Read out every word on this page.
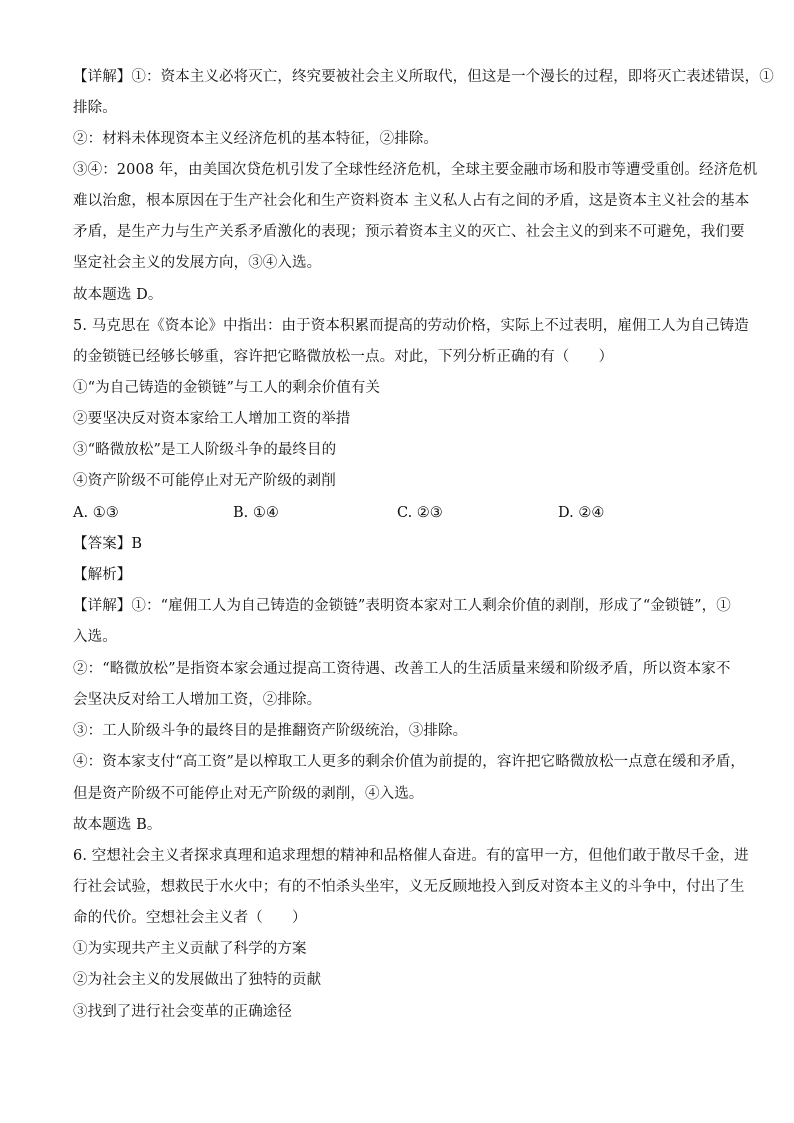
【详解】①：资本主义必将灭亡，终究要被社会主义所取代，但这是一个漫长的过程，即将灭亡表述错误，①
排除。
②：材料未体现资本主义经济危机的基本特征，②排除。
③④：2008 年，由美国次贷危机引发了全球性经济危机，全球主要金融市场和股市等遭受重创。经济危机
难以治愈，根本原因在于生产社会化和生产资料资本 主义私人占有之间的矛盾，这是资本主义社会的基本
矛盾，是生产力与生产关系矛盾激化的表现；预示着资本主义的灭亡、社会主义的到来不可避免，我们要
坚定社会主义的发展方向，③④入选。
故本题选 D。
5. 马克思在《资本论》中指出：由于资本积累而提高的劳动价格，实际上不过表明，雇佣工人为自己铸造
的金锁链已经够长够重，容许把它略微放松一点。对此，下列分析正确的有（　　）
①“为自己铸造的金锁链”与工人的剩余价值有关
②要坚决反对资本家给工人增加工资的举措
③“略微放松”是工人阶级斗争的最终目的
④资产阶级不可能停止对无产阶级的剥削
A. ①③	B. ①④	C. ②③	D. ②④
【答案】B
【解析】
【详解】①：“雇佣工人为自己铸造的金锁链”表明资本家对工人剩余价值的剥削，形成了“金锁链”，①
入选。
②：“略微放松”是指资本家会通过提高工资待遇、改善工人的生活质量来缓和阶级矛盾，所以资本家不
会坚决反对给工人增加工资，②排除。
③：工人阶级斗争的最终目的是推翻资产阶级统治，③排除。
④：资本家支付“高工资”是以榨取工人更多的剩余价值为前提的，容许把它略微放松一点意在缓和矛盾，
但是资产阶级不可能停止对无产阶级的剥削，④入选。
故本题选 B。
6. 空想社会主义者探求真理和追求理想的精神和品格催人奋进。有的富甲一方，但他们敢于散尽千金，进
行社会试验，想救民于水火中；有的不怕杀头坐牢，义无反顾地投入到反对资本主义的斗争中，付出了生
命的代价。空想社会主义者（　　）
①为实现共产主义贡献了科学的方案
②为社会主义的发展做出了独特的贡献
③找到了进行社会变革的正确途径
